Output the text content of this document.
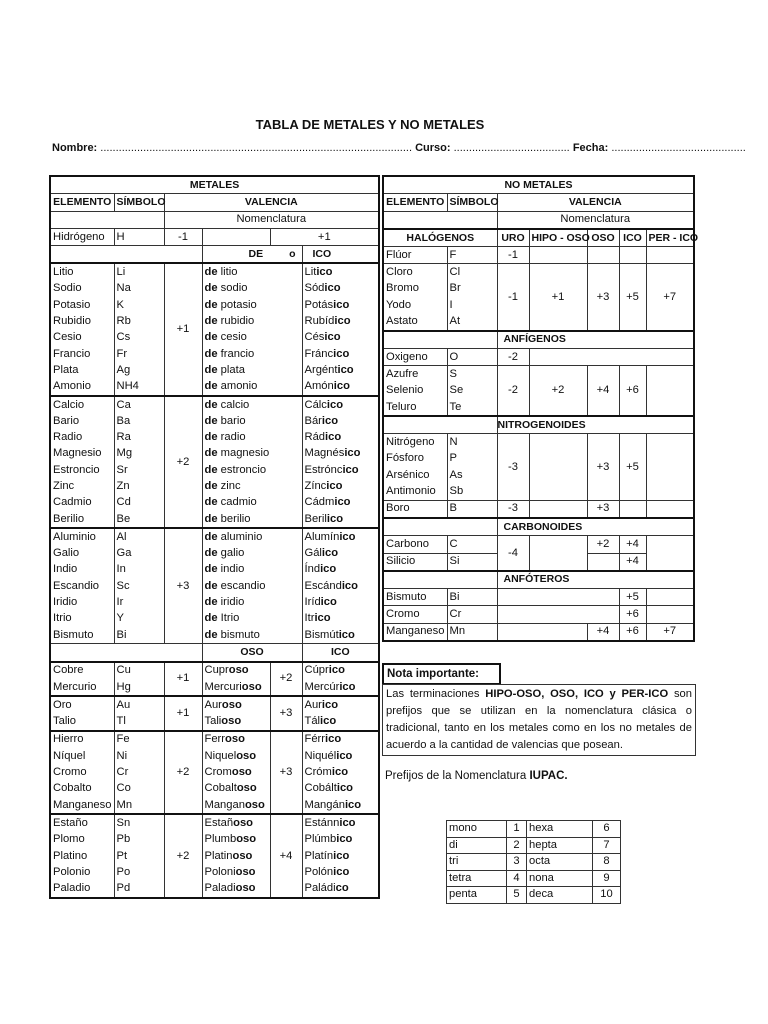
TABLA DE METALES Y NO METALES
Nombre: ...................................................................................................... Curso: ...................................... Fecha: ............................................
METALES					
ELEMENTO	SÍMBOLO	VALENCIA			
		Nomenclatura			
Hidrógeno	H	-1		+1	
			DE o		ICO
Litio	Li	+1	de litio		Litico
Sodio	Na		de sodio		Sódico
Potasio	K		de potasio		Potásico
Rubidio	Rb		de rubidio		Rubídico
Cesio	Cs		de cesio		Césico
Francio	Fr		de francio		Fráncico
Plata	Ag		de plata		Argéntico
Amonio	NH4		de amonio		Amónico
Calcio	Ca	+2	de calcio		Cálcico
Bario	Ba		de bario		Bárico
Radio	Ra		de radio		Rádico
Magnesio	Mg		de magnesio		Magnésico
Estroncio	Sr		de estroncio		Estróncico
Zinc	Zn		de zinc		Zíncico
Cadmio	Cd		de cadmio		Cádmico
Berilio	Be		de berilio		Berilico
Aluminio	Al	+3	de aluminio		Alumínico
Galio	Ga		de galio		Gálico
Indio	In		de indio		Índico
Escandio	Sc		de escandio		Escándico
Iridio	Ir		de iridio		Irídico
Itrio	Y		de Itrio		Itrico
Bismuto	Bi		de bismuto		Bismútico
			OSO		ICO
Cobre	Cu	+1	Cuproso	+2	Cúprico
Mercurio	Hg		Mercurioso		Mercúrico
Oro	Au	+1	Auroso	+3	Aurico
Talio	Tl		Talioso		Tálico
Hierro	Fe	+2	Ferroso	+3	Férrico
Níquel	Ni		Niqueloso		Niquélico
Cromo	Cr		Cromoso		Crómico
Cobalto	Co		Cobaltoso		Cobáltico
Manganeso	Mn		Manganoso		Mangánico
Estaño	Sn	+2	Estañoso	+4	Estánnico
Plomo	Pb		Plumboso		Plúmbico
Platino	Pt		Platinoso		Platínico
Polonio	Po		Polonioso		Polónico
Paladio	Pd		Paladioso		Paládico
NO METALES						
ELEMENTO	SÍMBOLO	VALENCIA				
		Nomenclatura				
HALÓGENOS		URO	HIPO - OSO	OSO	ICO	PER - ICO
Flúor	F	-1				
Cloro	Cl	-1	+1	+3	+5	+7
Bromo	Br					
Yodo	I					
Astato	At					
		ANFÍGENOS				
Oxigeno	O	-2				
Azufre	S	-2	+2	+4	+6	
Selenio	Se					
Teluro	Te					
		NITROGENOIDES				
Nitrógeno	N	-3		+3	+5	
Fósforo	P					
Arsénico	As					
Antimonio	Sb					
Boro	B	-3		+3		
		CARBONOIDES				
Carbono	C	-4		+2	+4	
Silicio	Si				+4	
		ANFÓTEROS				
Bismuto	Bi				+5	
Cromo	Cr				+6	
Manganeso	Mn			+4	+6	+7
Nota importante:
Las terminaciones HIPO-OSO, OSO, ICO y PER-ICO son prefijos que se utilizan en la nomenclatura clásica o tradicional, tanto en los metales como en los no metales de acuerdo a la cantidad de valencias que posean.
Prefijos de la Nomenclatura IUPAC.
mono	1	hexa	6
di	2	hepta	7
tri	3	octa	8
tetra	4	nona	9
penta	5	deca	10
